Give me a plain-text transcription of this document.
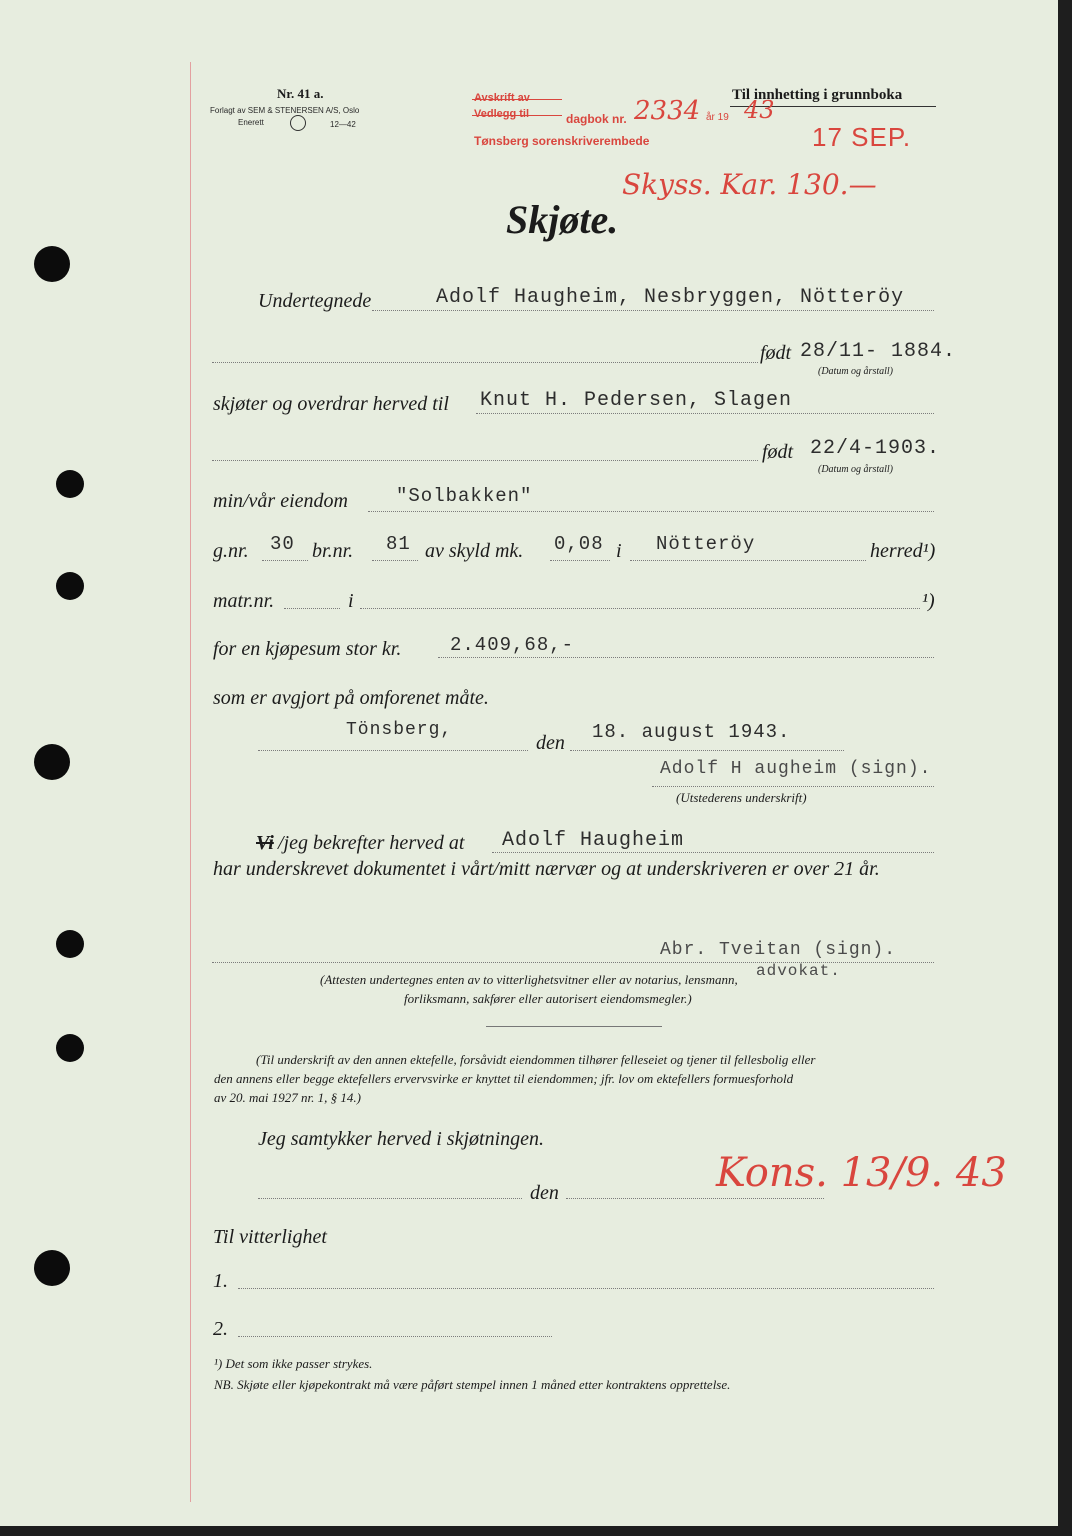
Nr. 41 a.
Forlagt av SEM & STENERSEN A/S, Oslo
Enerett	12—42
Til innhetting i grunnboka
Avskrift av
Vedlegg til	dagbok nr. 2334 år 19 43
Tønsberg sorenskriverembede
Skyss. Kar. 130.—
17 SEP.
Skjøte.
Undertegnede	Adolf Haugheim, Nesbryggen, Nötteröy
født 28/11- 1884.
(Datum og årstall)
skjøter og overdrar herved til Knut H. Pedersen, Slagen
født 22/4-1903.
(Datum og årstall)
min/vår eiendom	"Solbakken"
g.nr. 30 br.nr. 81 av skyld mk. 0,08 i Nötteröy	herred¹)
matr.nr.	i	¹)
for en kjøpesum stor kr.	2.409,68,-
som er avgjort på omforenet måte.
Tönsberg,
den 18. august 1943.
Adolf H augheim (sign).
(Utstederens underskrift)
Vi /jeg bekrefter herved at Adolf Haugheim
har underskrevet dokumentet i vårt/mitt nærvær og at underskriveren er over 21 år.
Abr. Tveitan (sign).
advokat.
(Attesten undertegnes enten av to vitterlighetsvitner eller av notarius, lensmann,
forliksmann, sakfører eller autorisert eiendomsmegler.)
(Til underskrift av den annen ektefelle, forsåvidt eiendommen tilhører felleseiet og tjener til fellesbolig eller
den annens eller begge ektefellers ervervsvirke er knyttet til eiendommen; jfr. lov om ektefellers formuesforhold
av 20. mai 1927 nr. 1, § 14.)
Jeg samtykker herved i skjøtningen.
den	Kons. 13/9. 43
Til vitterlighet
1.
2.
¹) Det som ikke passer strykes.
NB. Skjøte eller kjøpekontrakt må være påført stempel innen 1 måned etter kontraktens opprettelse.
